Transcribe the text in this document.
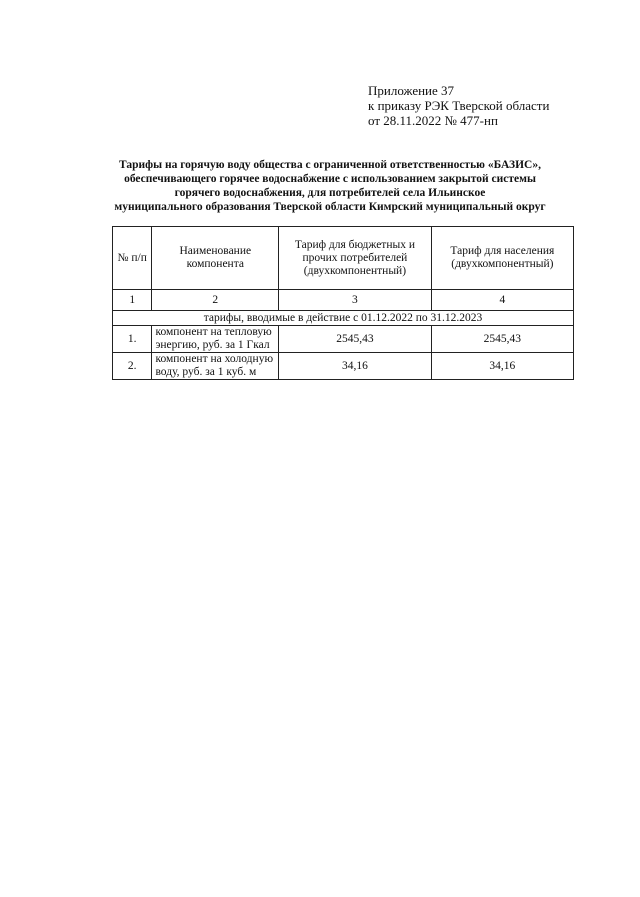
Приложение 37
к приказу РЭК Тверской области
от 28.11.2022 № 477-нп
Тарифы на горячую воду общества с ограниченной ответственностью «БАЗИС»,
обеспечивающего горячее водоснабжение с использованием закрытой системы
горячего водоснабжения, для потребителей села Ильинское
муниципального образования Тверской области Кимрский муниципальный округ
№ п/п	Наименование компонента	Тариф для бюджетных и прочих потребителей (двухкомпонентный)	Тариф для населения (двухкомпонентный)
1	2	3	4
тарифы, вводимые в действие с 01.12.2022 по 31.12.2023			
1.	компонент на тепловую энергию, руб. за 1 Гкал	2545,43	2545,43
2.	компонент на холодную воду, руб. за 1 куб. м	34,16	34,16
